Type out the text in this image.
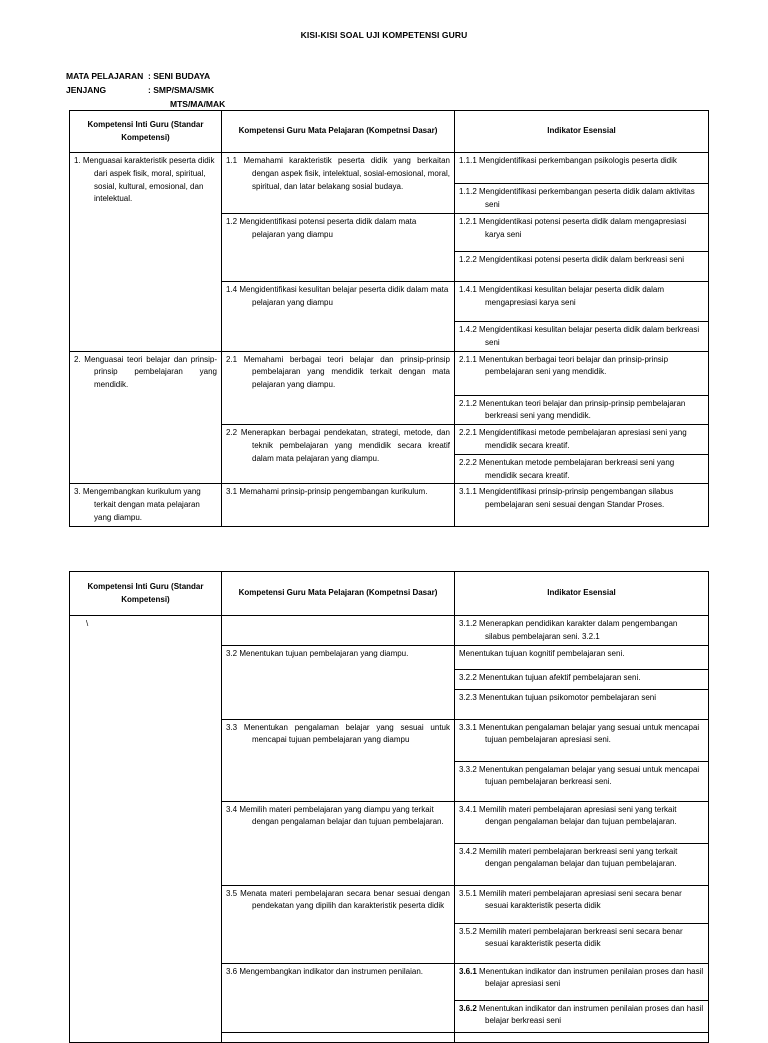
KISI-KISI SOAL UJI KOMPETENSI GURU
MATA PELAJARAN : SENI BUDAYA
JENJANG	: SMP/SMA/SMK
MTS/MA/MAK
Kompetensi Inti Guru (Standar Kompetensi)	Kompetensi Guru Mata Pelajaran (Kompetnsi Dasar)	Indikator Esensial

1. Menguasai karakteristik peserta didik dari aspek fisik, moral, spiritual, sosial, kultural, emosional, dan intelektual.	1.1 Memahami karakteristik peserta didik yang berkaitan dengan aspek fisik, intelektual, sosial-emosional, moral, spiritual, dan latar belakang sosial budaya.	1.1.1 Mengidentifikasi perkembangan psikologis peserta didik

		1.1.2 Mengidentifikasi perkembangan peserta didik dalam aktivitas seni

	1.2 Mengidentifikasi potensi peserta didik dalam mata pelajaran yang diampu	1.2.1 Mengidentikasi potensi peserta didik dalam mengapresiasi karya seni

		1.2.2 Mengidentikasi potensi peserta didik dalam berkreasi seni

	1.4 Mengidentifikasi kesulitan belajar peserta didik dalam mata pelajaran yang diampu	1.4.1 Mengidentikasi kesulitan belajar peserta didik dalam mengapresiasi karya seni

		1.4.2 Mengidentikasi kesulitan belajar peserta didik dalam berkreasi seni

2. Menguasai teori belajar dan prinsip-prinsip pembelajaran yang mendidik.	2.1 Memahami berbagai teori belajar dan prinsip-prinsip pembelajaran yang mendidik terkait dengan mata pelajaran yang diampu.	2.1.1 Menentukan berbagai teori belajar dan prinsip-prinsip pembelajaran seni yang mendidik.

		2.1.2 Menentukan teori belajar dan prinsip-prinsip pembelajaran berkreasi seni yang mendidik.

	2.2 Menerapkan berbagai pendekatan, strategi, metode, dan teknik pembelajaran yang mendidik secara kreatif dalam mata pelajaran yang diampu.	2.2.1 Mengidentifikasi metode pembelajaran apresiasi seni yang mendidik secara kreatif.

		2.2.2 Menentukan metode pembelajaran berkreasi seni yang mendidik secara kreatif.

3. Mengembangkan kurikulum yang terkait dengan mata pelajaran yang diampu.	3.1 Memahami prinsip-prinsip pengembangan kurikulum.	3.1.1 Mengidentifikasi prinsip-prinsip pengembangan silabus pembelajaran seni sesuai dengan Standar Proses.
Kompetensi Inti Guru (Standar Kompetensi)	Kompetensi Guru Mata Pelajaran (Kompetnsi Dasar)	Indikator Esensial
\		3.1.2 Menerapkan pendidikan karakter dalam pengembangan silabus pembelajaran seni. 3.2.1

	3.2 Menentukan tujuan pembelajaran yang diampu.	Menentukan tujuan kognitif pembelajaran seni.

		3.2.2 Menentukan tujuan afektif pembelajaran seni.

		3.2.3 Menentukan tujuan psikomotor pembelajaran seni

	3.3 Menentukan pengalaman belajar yang sesuai untuk mencapai tujuan pembelajaran yang diampu	3.3.1 Menentukan pengalaman belajar yang sesuai untuk mencapai tujuan pembelajaran apresiasi seni.

		3.3.2 Menentukan pengalaman belajar yang sesuai untuk mencapai tujuan pembelajaran berkreasi seni.

	3.4 Memilih materi pembelajaran yang diampu yang terkait dengan pengalaman belajar dan tujuan pembelajaran.	3.4.1 Memilih materi pembelajaran apresiasi seni yang terkait dengan pengalaman belajar dan tujuan pembelajaran.

		3.4.2 Memilih materi pembelajaran berkreasi seni yang terkait dengan pengalaman belajar dan tujuan pembelajaran.

	3.5 Menata materi pembelajaran secara benar sesuai dengan pendekatan yang dipilih dan karakteristik peserta didik	3.5.1 Memilih materi pembelajaran apresiasi seni secara benar sesuai karakteristik peserta didik

		3.5.2 Memilih materi pembelajaran berkreasi seni secara benar sesuai karakteristik peserta didik

	3.6 Mengembangkan indikator dan instrumen penilaian.	3.6.1 Menentukan indikator dan instrumen penilaian proses dan hasil belajar apresiasi seni

		3.6.2 Menentukan indikator dan instrumen penilaian proses dan hasil belajar berkreasi seni
